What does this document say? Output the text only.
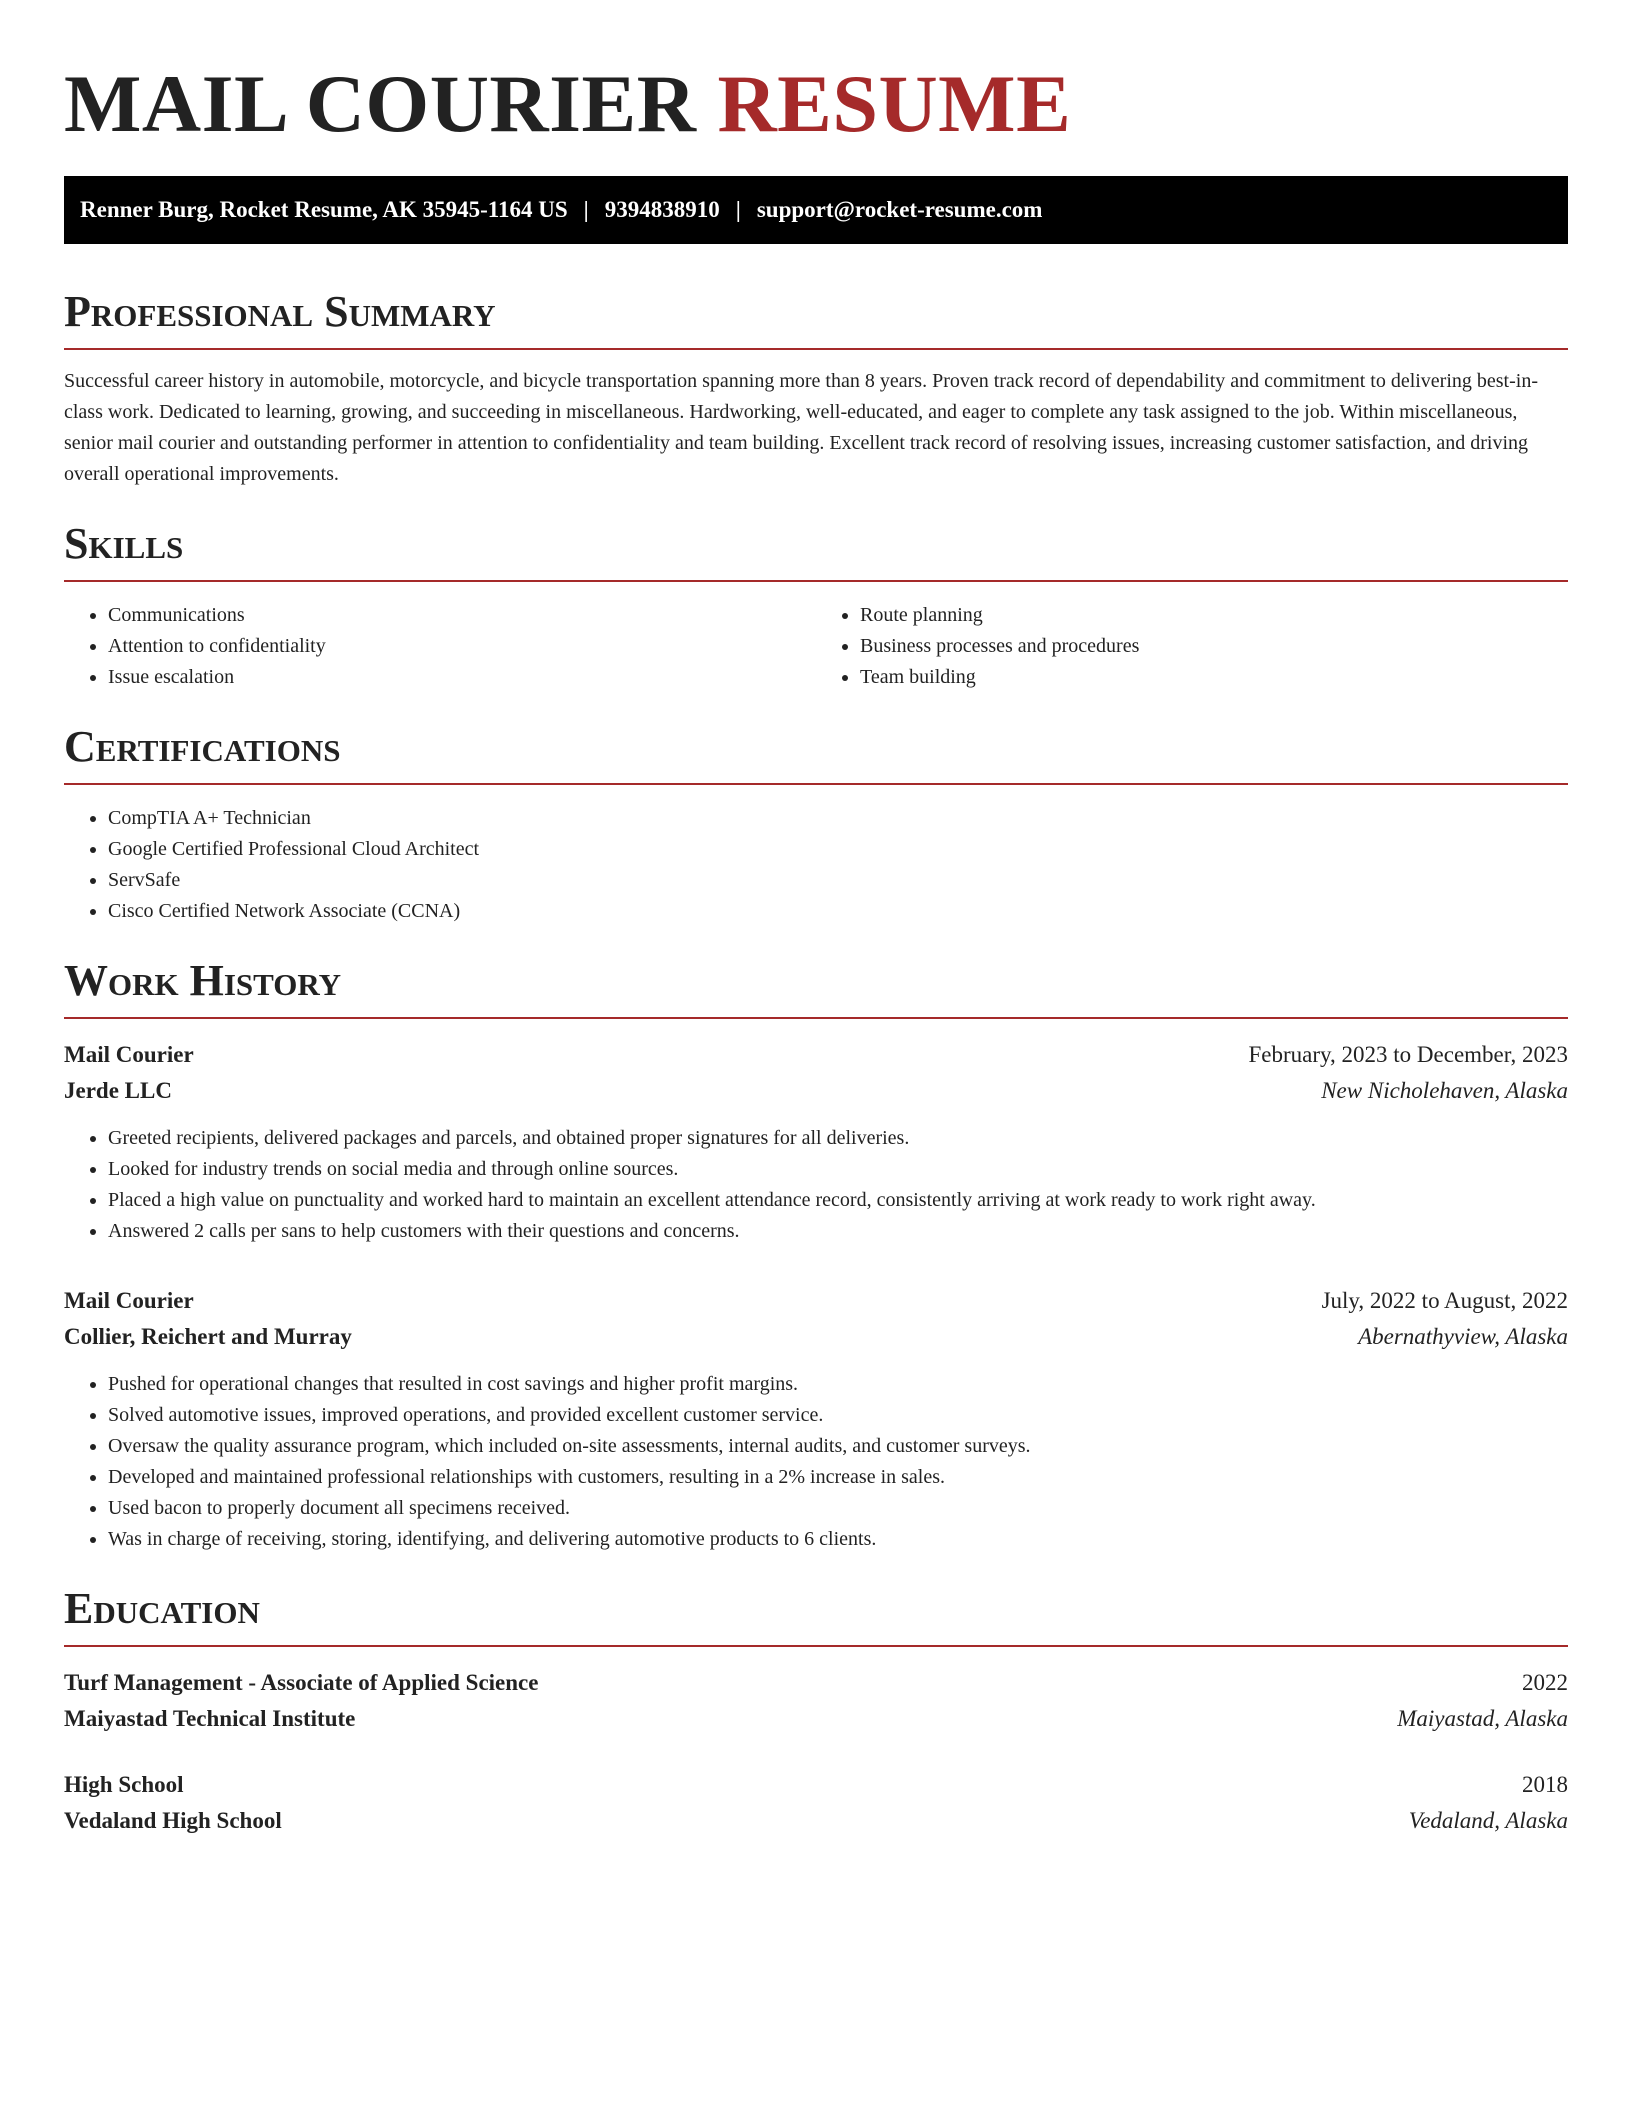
MAIL COURIER RESUME
Renner Burg, Rocket Resume, AK 35945-1164 US | 9394838910 | support@rocket-resume.com
Professional Summary

Successful career history in automobile, motorcycle, and bicycle transportation spanning more than 8 years. Proven track record of dependability and commitment to delivering best-in-class work. Dedicated to learning, growing, and succeeding in miscellaneous. Hardworking, well-educated, and eager to complete any task assigned to the job. Within miscellaneous, senior mail courier and outstanding performer in attention to confidentiality and team building. Excellent track record of resolving issues, increasing customer satisfaction, and driving overall operational improvements.

Skills
• Communications
• Attention to confidentiality
• Issue escalation
• Route planning
• Business processes and procedures
• Team building
Certifications
• CompTIA A+ Technician
• Google Certified Professional Cloud Architect
• ServSafe
• Cisco Certified Network Associate (CCNA)
Work History
Mail Courier	February, 2023 to December, 2023
Jerde LLC	New Nicholehaven, Alaska
• Greeted recipients, delivered packages and parcels, and obtained proper signatures for all deliveries.
• Looked for industry trends on social media and through online sources.
• Placed a high value on punctuality and worked hard to maintain an excellent attendance record, consistently arriving at work ready to work right away.
• Answered 2 calls per sans to help customers with their questions and concerns.
Mail Courier	July, 2022 to August, 2022
Collier, Reichert and Murray	Abernathyview, Alaska
• Pushed for operational changes that resulted in cost savings and higher profit margins.
• Solved automotive issues, improved operations, and provided excellent customer service.
• Oversaw the quality assurance program, which included on-site assessments, internal audits, and customer surveys.
• Developed and maintained professional relationships with customers, resulting in a 2% increase in sales.
• Used bacon to properly document all specimens received.
• Was in charge of receiving, storing, identifying, and delivering automotive products to 6 clients.
Education
Turf Management - Associate of Applied Science	2022
Maiyastad Technical Institute	Maiyastad, Alaska
High School	2018
Vedaland High School	Vedaland, Alaska
